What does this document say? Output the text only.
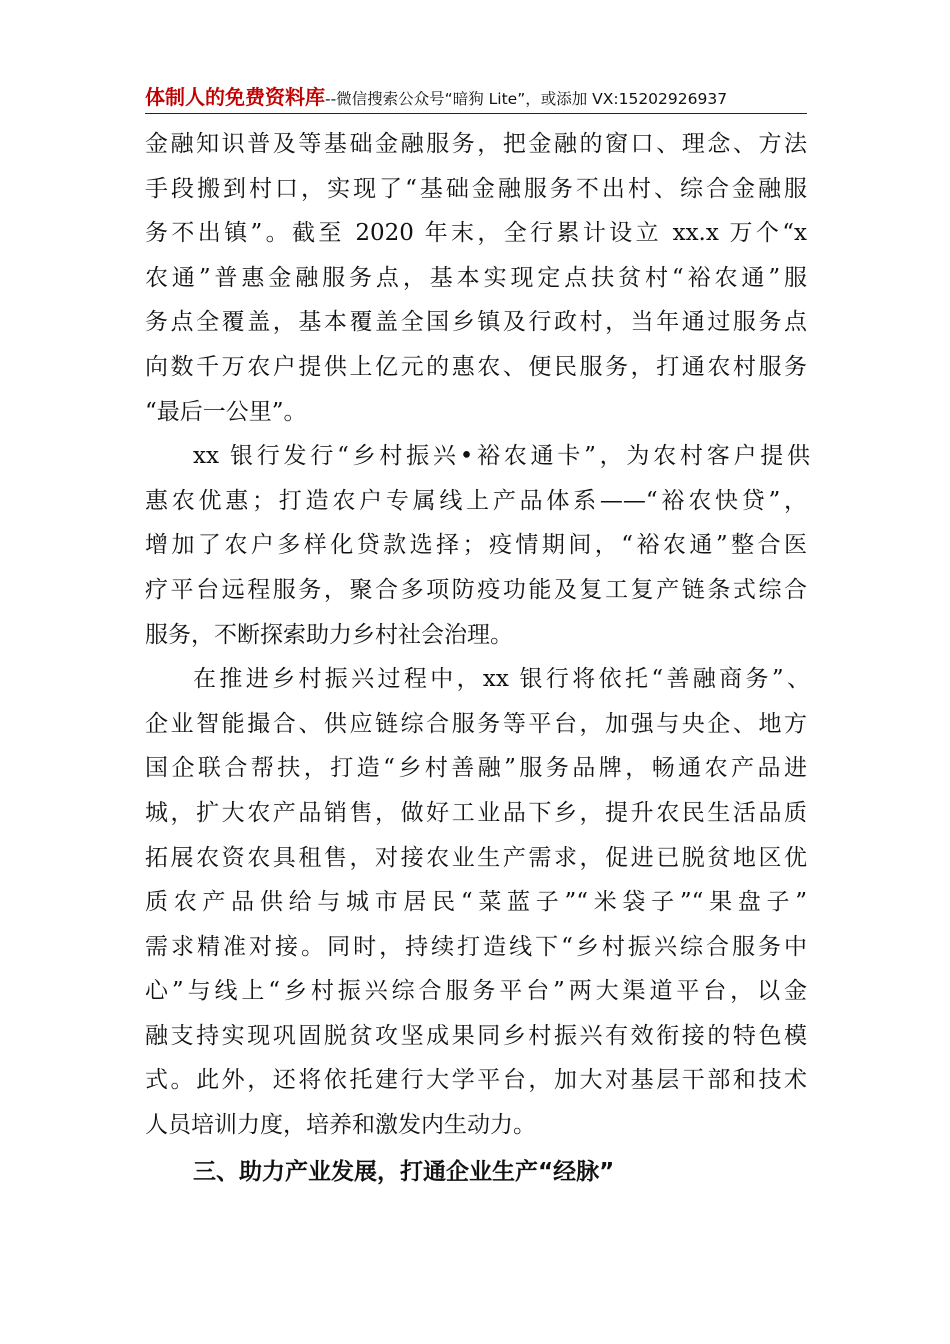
体制人的免费资料库--微信搜索公众号“暗狗 Lite”，或添加 VX:15202926937
金融知识普及等基础金融服务，把金融的窗口、理念、方法
手段搬到村口，实现了“基础金融服务不出村、综合金融服
务不出镇”。截至 2020 年末，全行累计设立 xx.x 万个“x
农通”普惠金融服务点，基本实现定点扶贫村“裕农通”服
务点全覆盖，基本覆盖全国乡镇及行政村，当年通过服务点
向数千万农户提供上亿元的惠农、便民服务，打通农村服务
“最后一公里”。
xx 银行发行“乡村振兴•裕农通卡”，为农村客户提供
惠农优惠；打造农户专属线上产品体系——“裕农快贷”，
增加了农户多样化贷款选择；疫情期间，“裕农通”整合医
疗平台远程服务，聚合多项防疫功能及复工复产链条式综合
服务，不断探索助力乡村社会治理。
在推进乡村振兴过程中，xx 银行将依托“善融商务”、
企业智能撮合、供应链综合服务等平台，加强与央企、地方
国企联合帮扶，打造“乡村善融”服务品牌，畅通农产品进
城，扩大农产品销售，做好工业品下乡，提升农民生活品质
拓展农资农具租售，对接农业生产需求，促进已脱贫地区优
质农产品供给与城市居民“菜蓝子”“米袋子”“果盘子”
需求精准对接。同时，持续打造线下“乡村振兴综合服务中
心”与线上“乡村振兴综合服务平台”两大渠道平台，以金
融支持实现巩固脱贫攻坚成果同乡村振兴有效衔接的特色模
式。此外，还将依托建行大学平台，加大对基层干部和技术
人员培训力度，培养和激发内生动力。
三、助力产业发展，打通企业生产“经脉”
